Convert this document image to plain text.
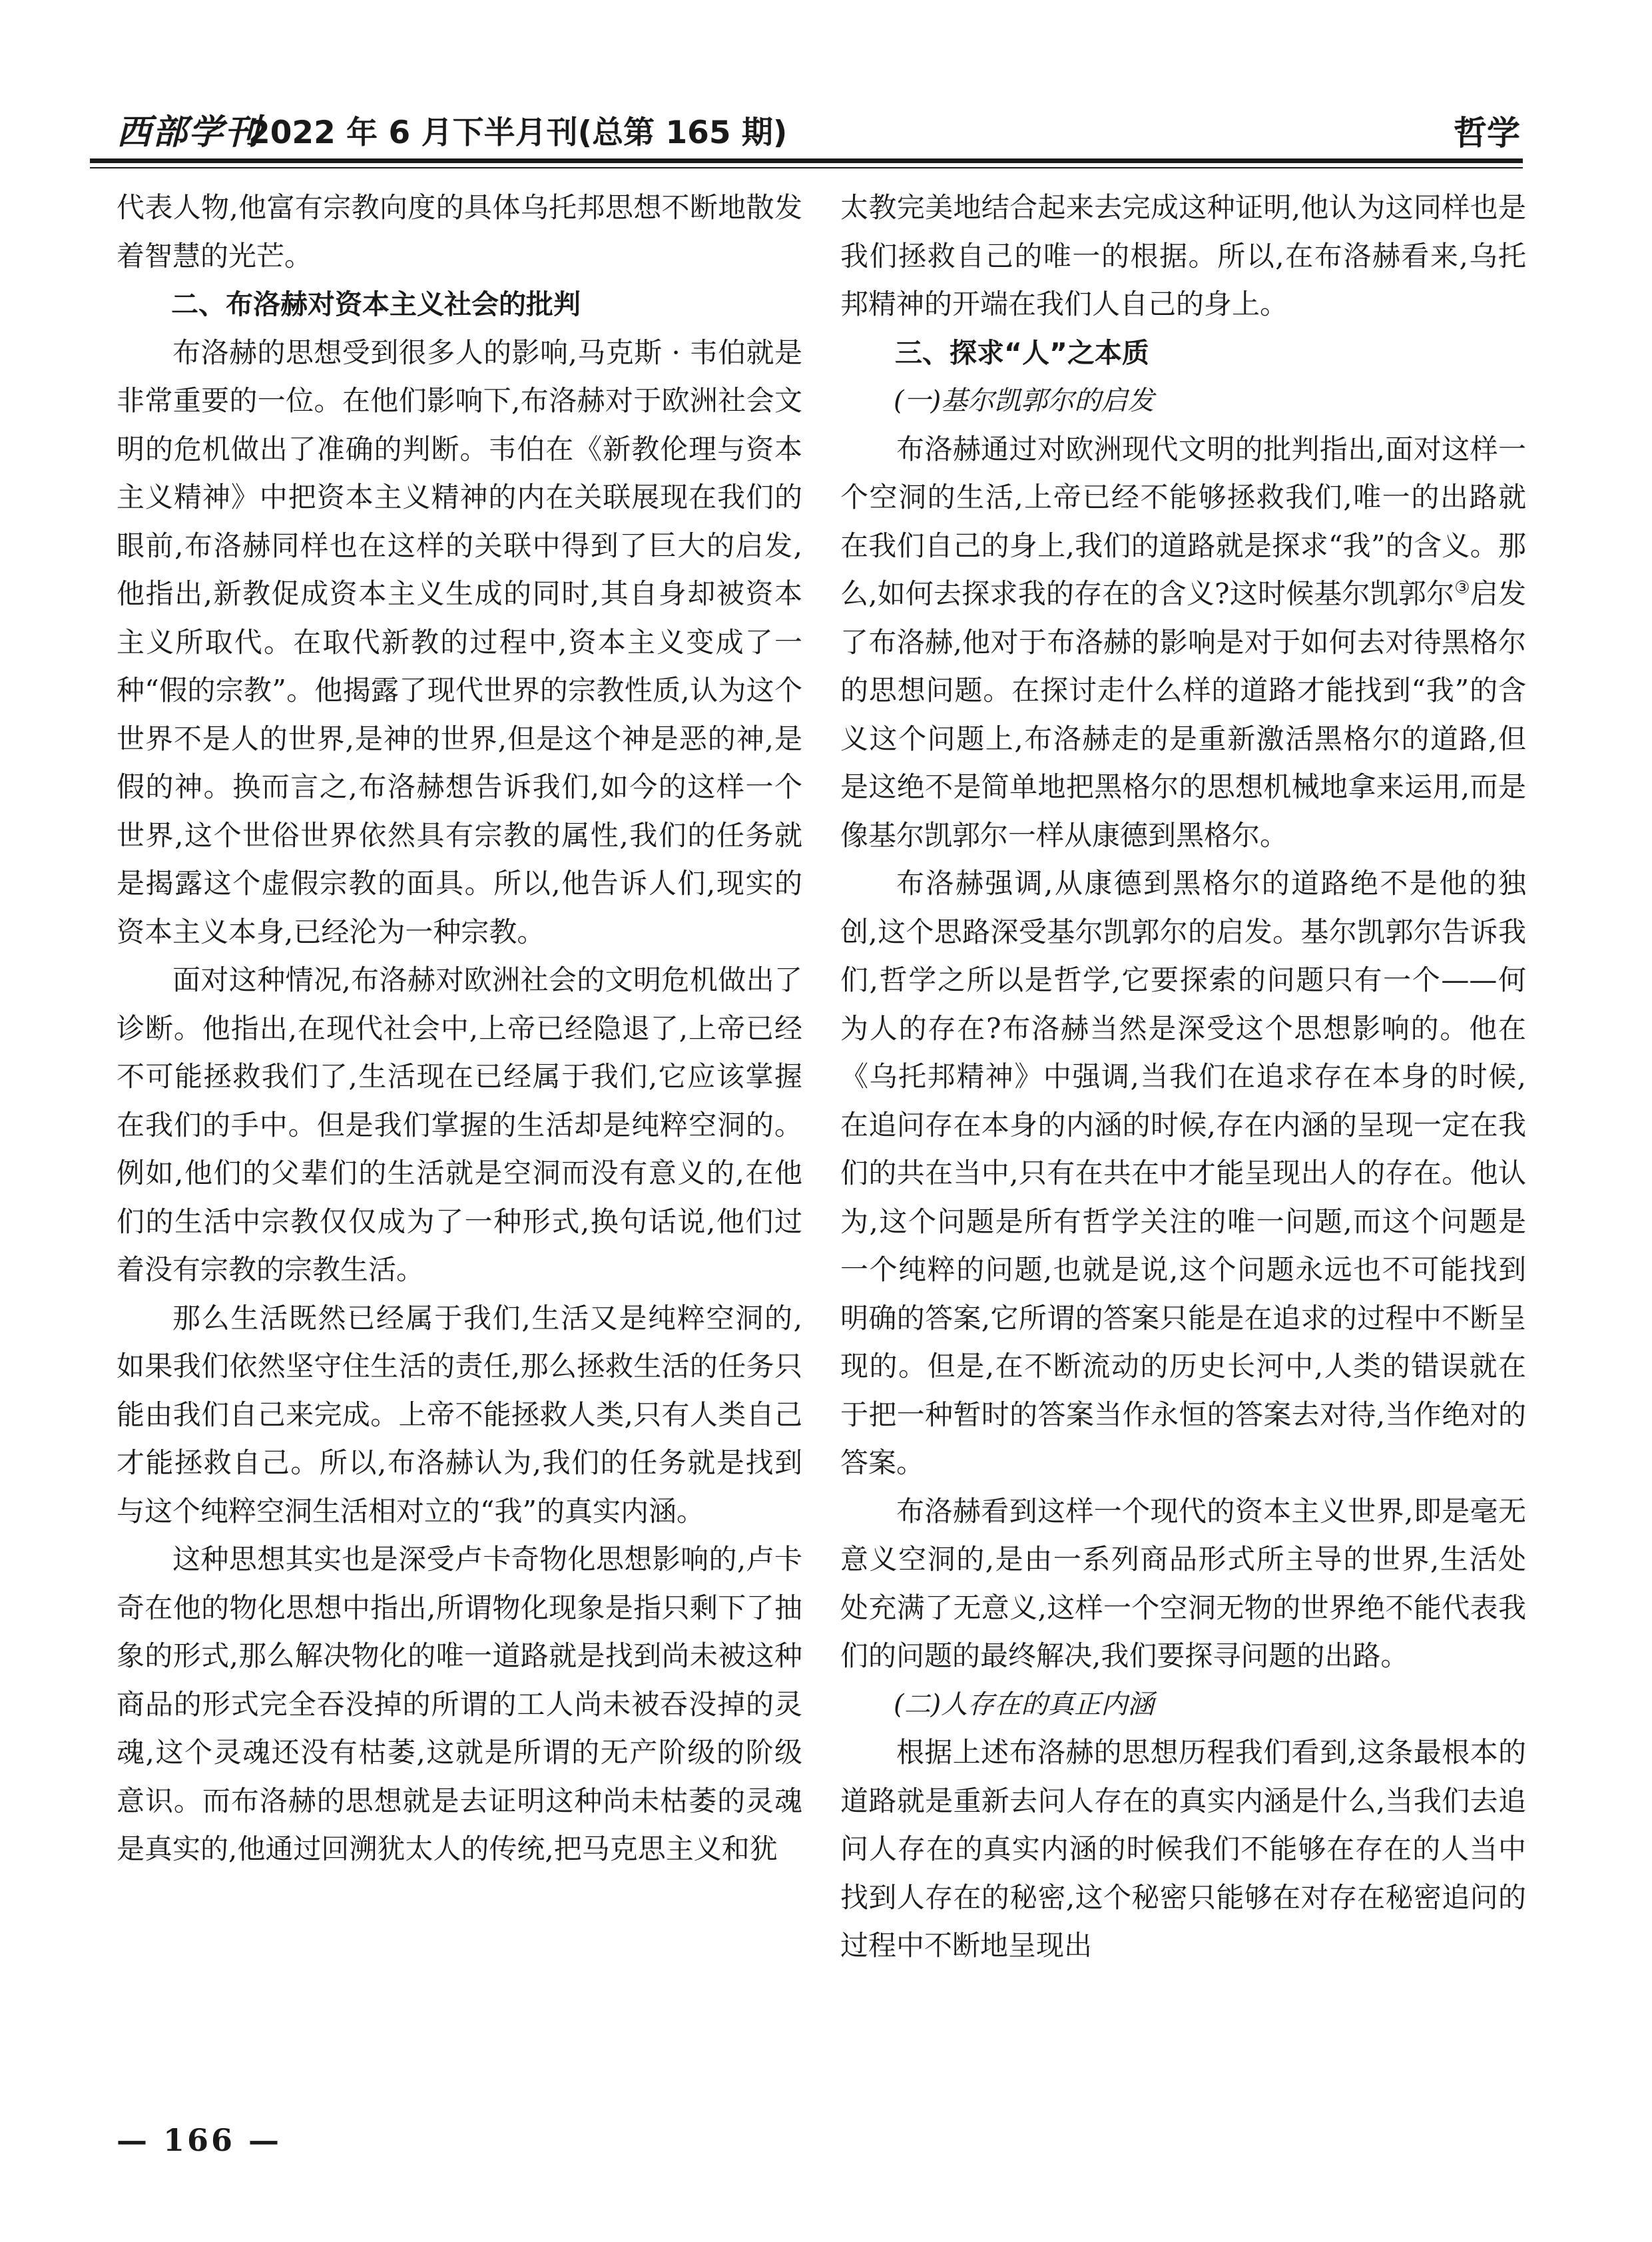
西部学刊
2022 年 6 月下半月刊(总第 165 期)	哲学

代表人物,他富有宗教向度的具体乌托邦思想不断地散发着智慧的光芒。

二、布洛赫对资本主义社会的批判

布洛赫的思想受到很多人的影响,马克斯 · 韦伯就是非常重要的一位。在他们影响下,布洛赫对于欧洲社会文明的危机做出了准确的判断。韦伯在《新教伦理与资本主义精神》中把资本主义精神的内在关联展现在我们的眼前,布洛赫同样也在这样的关联中得到了巨大的启发,他指出,新教促成资本主义生成的同时,其自身却被资本主义所取代。在取代新教的过程中,资本主义变成了一种“假的宗教”。他揭露了现代世界的宗教性质,认为这个世界不是人的世界,是神的世界,但是这个神是恶的神,是假的神。换而言之,布洛赫想告诉我们,如今的这样一个世界,这个世俗世界依然具有宗教的属性,我们的任务就是揭露这个虚假宗教的面具。所以,他告诉人们,现实的资本主义本身,已经沦为一种宗教。

面对这种情况,布洛赫对欧洲社会的文明危机做出了诊断。他指出,在现代社会中,上帝已经隐退了,上帝已经不可能拯救我们了,生活现在已经属于我们,它应该掌握在我们的手中。但是我们掌握的生活却是纯粹空洞的。例如,他们的父辈们的生活就是空洞而没有意义的,在他们的生活中宗教仅仅成为了一种形式,换句话说,他们过着没有宗教的宗教生活。

那么生活既然已经属于我们,生活又是纯粹空洞的,如果我们依然坚守住生活的责任,那么拯救生活的任务只能由我们自己来完成。上帝不能拯救人类,只有人类自己才能拯救自己。所以,布洛赫认为,我们的任务就是找到与这个纯粹空洞生活相对立的“我”的真实内涵。

这种思想其实也是深受卢卡奇物化思想影响的,卢卡奇在他的物化思想中指出,所谓物化现象是指只剩下了抽象的形式,那么解决物化的唯一道路就是找到尚未被这种商品的形式完全吞没掉的所谓的工人尚未被吞没掉的灵魂,这个灵魂还没有枯萎,这就是所谓的无产阶级的阶级意识。而布洛赫的思想就是去证明这种尚未枯萎的灵魂是真实的,他通过回溯犹太人的传统,把马克思主义和犹

太教完美地结合起来去完成这种证明,他认为这同样也是我们拯救自己的唯一的根据。所以,在布洛赫看来,乌托邦精神的开端在我们人自己的身上。

三、探求“人”之本质
(一)基尔凯郭尔的启发

布洛赫通过对欧洲现代文明的批判指出,面对这样一个空洞的生活,上帝已经不能够拯救我们,唯一的出路就在我们自己的身上,我们的道路就是探求“我”的含义。那么,如何去探求我的存在的含义?这时候基尔凯郭尔③启发了布洛赫,他对于布洛赫的影响是对于如何去对待黑格尔的思想问题。在探讨走什么样的道路才能找到“我”的含义这个问题上,布洛赫走的是重新激活黑格尔的道路,但是这绝不是简单地把黑格尔的思想机械地拿来运用,而是像基尔凯郭尔一样从康德到黑格尔。

布洛赫强调,从康德到黑格尔的道路绝不是他的独创,这个思路深受基尔凯郭尔的启发。基尔凯郭尔告诉我们,哲学之所以是哲学,它要探索的问题只有一个——何为人的存在?布洛赫当然是深受这个思想影响的。他在《乌托邦精神》中强调,当我们在追求存在本身的时候,在追问存在本身的内涵的时候,存在内涵的呈现一定在我们的共在当中,只有在共在中才能呈现出人的存在。他认为,这个问题是所有哲学关注的唯一问题,而这个问题是一个纯粹的问题,也就是说,这个问题永远也不可能找到明确的答案,它所谓的答案只能是在追求的过程中不断呈现的。但是,在不断流动的历史长河中,人类的错误就在于把一种暂时的答案当作永恒的答案去对待,当作绝对的答案。

布洛赫看到这样一个现代的资本主义世界,即是毫无意义空洞的,是由一系列商品形式所主导的世界,生活处处充满了无意义,这样一个空洞无物的世界绝不能代表我们的问题的最终解决,我们要探寻问题的出路。

(二)人存在的真正内涵

根据上述布洛赫的思想历程我们看到,这条最根本的道路就是重新去问人存在的真实内涵是什么,当我们去追问人存在的真实内涵的时候我们不能够在存在的人当中找到人存在的秘密,这个秘密只能够在对存在秘密追问的过程中不断地呈现出

— 166 —
